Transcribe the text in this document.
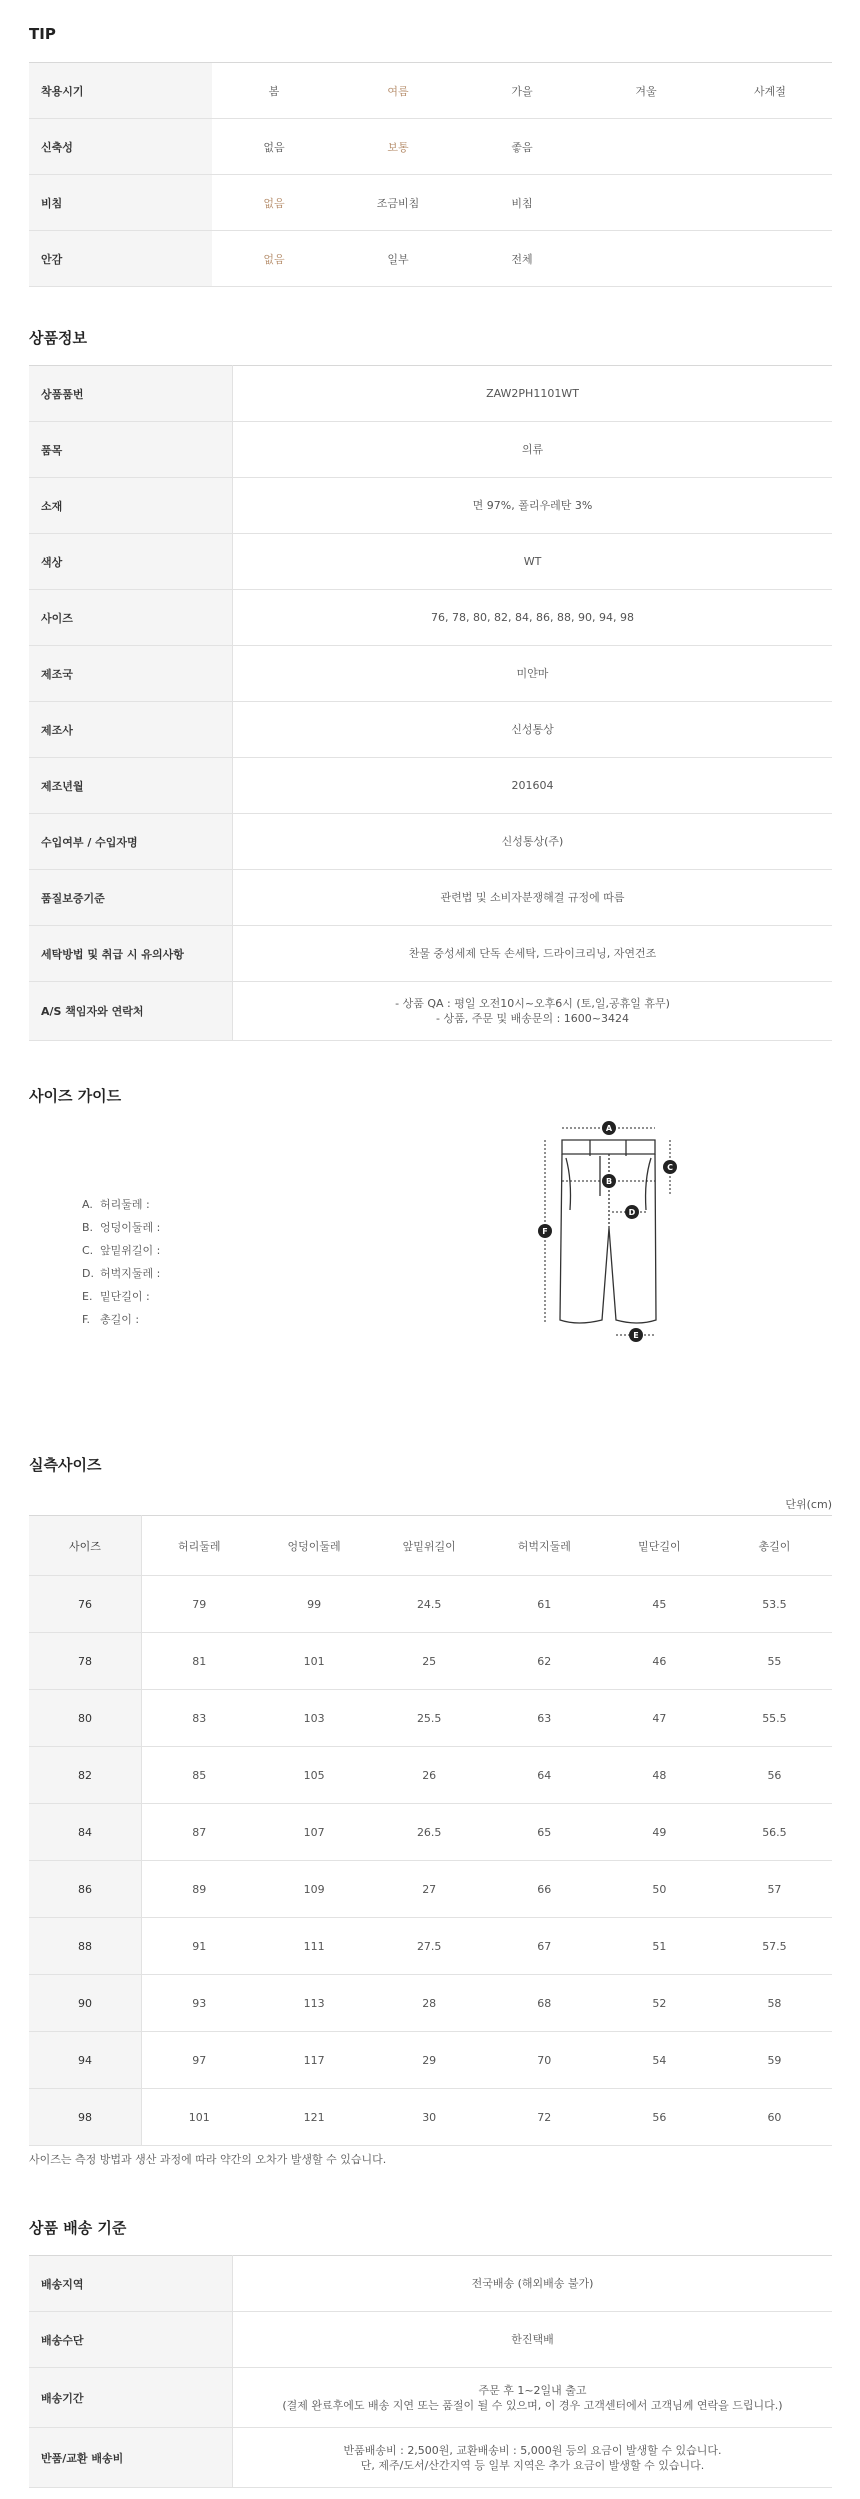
TIP
착용시기	봄	여름	가을	겨울	사계절
신축성	없음	보통	좋음		
비침	없음	조금비침	비침		
안감	없음	일부	전체		
상품정보
상품품번	ZAW2PH1101WT
품목	의류
소재	면 97%, 폴리우레탄 3%
색상	WT
사이즈	76, 78, 80, 82, 84, 86, 88, 90, 94, 98
제조국	미얀마
제조사	신성통상
제조년월	201604
수입여부 / 수입자명	신성통상(주)
품질보증기준	관련법 및 소비자분쟁해결 규정에 따름
세탁방법 및 취급 시 유의사항	찬물 중성세제 단독 손세탁, 드라이크리닝, 자연건조
A/S 책임자와 연락처	- 상품 QA : 평일 오전10시~오후6시 (토,일,공휴일 휴무)
- 상품, 주문 및 배송문의 : 1600~3424
사이즈 가이드
A. 허리둘레 :
B. 엉덩이둘레 :
C. 앞밑위길이 :
D. 허벅지둘레 :
E. 밑단길이 :
F. 총길이 :
A
B
C
D
E
F
실측사이즈
단위(cm)
사이즈	허리둘레	엉덩이둘레	앞밑위길이	허벅지둘레	밑단길이	총길이
76	79	99	24.5	61	45	53.5
78	81	101	25	62	46	55
80	83	103	25.5	63	47	55.5
82	85	105	26	64	48	56
84	87	107	26.5	65	49	56.5
86	89	109	27	66	50	57
88	91	111	27.5	67	51	57.5
90	93	113	28	68	52	58
94	97	117	29	70	54	59
98	101	121	30	72	56	60

사이즈는 측정 방법과 생산 과정에 따라 약간의 오차가 발생할 수 있습니다.

상품 배송 기준
배송지역	전국배송 (해외배송 불가)
배송수단	한진택배
배송기간	주문 후 1~2일내 출고
(결제 완료후에도 배송 지연 또는 품절이 될 수 있으며, 이 경우 고객센터에서 고객님께 연락을 드립니다.)
반품/교환 배송비	반품배송비 : 2,500원, 교환배송비 : 5,000원 등의 요금이 발생할 수 있습니다.
단, 제주/도서/산간지역 등 일부 지역은 추가 요금이 발생할 수 있습니다.
